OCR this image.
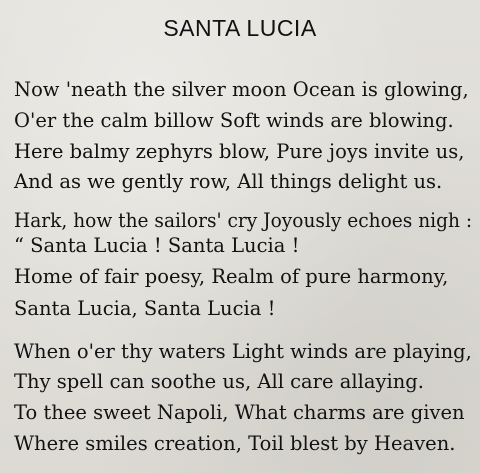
SANTA LUCIA
Now 'neath the silver moon Ocean is glowing,
O'er the calm billow Soft winds are blowing.
Here balmy zephyrs blow, Pure joys invite us,
And as we gently row, All things delight us.
Hark, how the sailors' cry Joyously echoes nigh :
“ Santa Lucia ! Santa Lucia !
Home of fair poesy, Realm of pure harmony,
Santa Lucia, Santa Lucia !
When o'er thy waters Light winds are playing,
Thy spell can soothe us, All care allaying.
To thee sweet Napoli, What charms are given
Where smiles creation, Toil blest by Heaven.
